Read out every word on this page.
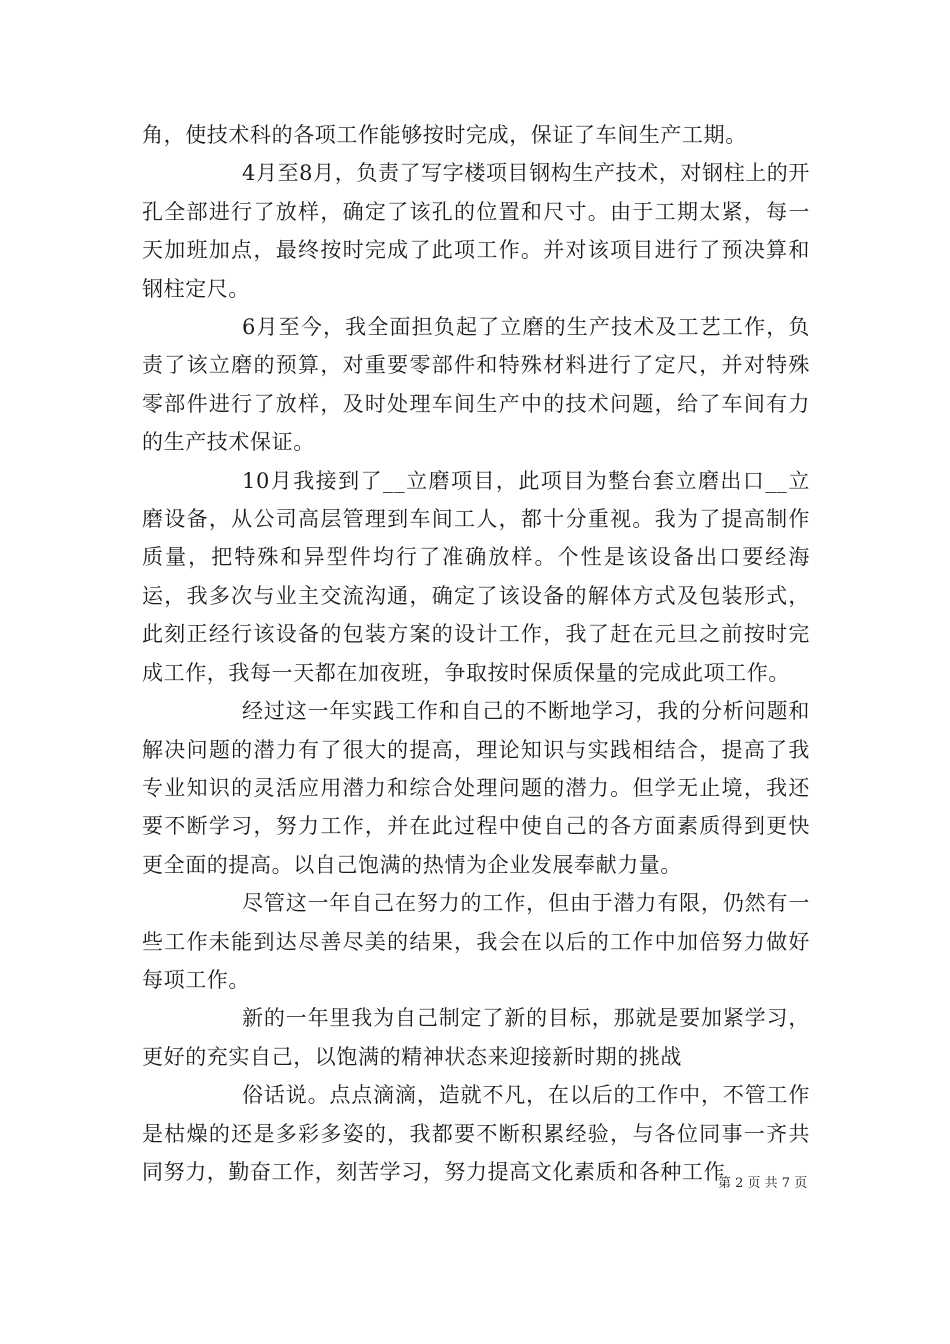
角，使技术科的各项工作能够按时完成，保证了车间生产工期。

4月至8月，负责了写字楼项目钢构生产技术，对钢柱上的开孔全部进行了放样，确定了该孔的位置和尺寸。由于工期太紧，每一天加班加点，最终按时完成了此项工作。并对该项目进行了预决算和钢柱定尺。

6月至今，我全面担负起了立磨的生产技术及工艺工作，负责了该立磨的预算，对重要零部件和特殊材料进行了定尺，并对特殊零部件进行了放样，及时处理车间生产中的技术问题，给了车间有力的生产技术保证。

10月我接到了__立磨项目，此项目为整台套立磨出口__立磨设备，从公司高层管理到车间工人，都十分重视。我为了提高制作质量，把特殊和异型件均行了准确放样。个性是该设备出口要经海运，我多次与业主交流沟通，确定了该设备的解体方式及包装形式，此刻正经行该设备的包装方案的设计工作，我了赶在元旦之前按时完成工作，我每一天都在加夜班，争取按时保质保量的完成此项工作。

经过这一年实践工作和自己的不断地学习，我的分析问题和解决问题的潜力有了很大的提高，理论知识与实践相结合，提高了我专业知识的灵活应用潜力和综合处理问题的潜力。但学无止境，我还要不断学习，努力工作，并在此过程中使自己的各方面素质得到更快更全面的提高。以自己饱满的热情为企业发展奉献力量。

尽管这一年自己在努力的工作，但由于潜力有限，仍然有一些工作未能到达尽善尽美的结果，我会在以后的工作中加倍努力做好每项工作。

新的一年里我为自己制定了新的目标，那就是要加紧学习，更好的充实自己，以饱满的精神状态来迎接新时期的挑战

俗话说。点点滴滴，造就不凡，在以后的工作中，不管工作是枯燥的还是多彩多姿的，我都要不断积累经验，与各位同事一齐共同努力，勤奋工作，刻苦学习，努力提高文化素质和各种工作

第 2 页 共 7 页
